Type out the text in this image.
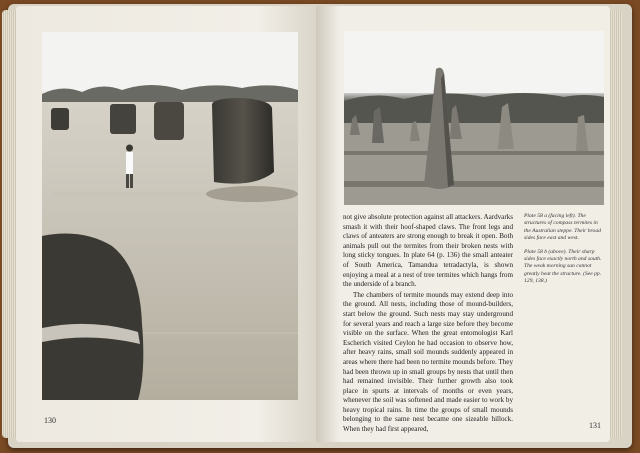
not give absolute protection against all attackers. Aardvarks smash it with their hoof-shaped claws. The front legs and claws of anteaters are strong enough to break it open. Both animals pull out the termites from their broken nests with long sticky tongues. In plate 64 (p. 136) the small anteater of South America, Tamandua tetradactyla, is shown enjoying a meal at a nest of tree termites which hangs from the underside of a branch.

The chambers of termite mounds may extend deep into the ground. All nests, including those of mound-builders, start below the ground. Such nests may stay underground for several years and reach a large size before they become visible on the surface. When the great entomologist Karl Escherich visited Ceylon he had occasion to observe how, after heavy rains, small soil mounds suddenly appeared in areas where there had been no termite mounds before. They had been thrown up in small groups by nests that until then had remained invisible. Their further growth also took place in spurts at intervals of months or even years, whenever the soil was softened and made easier to work by heavy tropical rains. In time the groups of small mounds belonging to the same nest became one sizeable hillock. When they had first appeared,

Plate 58 a (facing left). The structures of compass termites in the Australian steppe. Their broad sides face east and west.

Plate 58 b (above). Their sharp sides face exactly north and south. The weak morning sun cannot greatly heat the structure. (See pp. 129, 138.)

130
131
